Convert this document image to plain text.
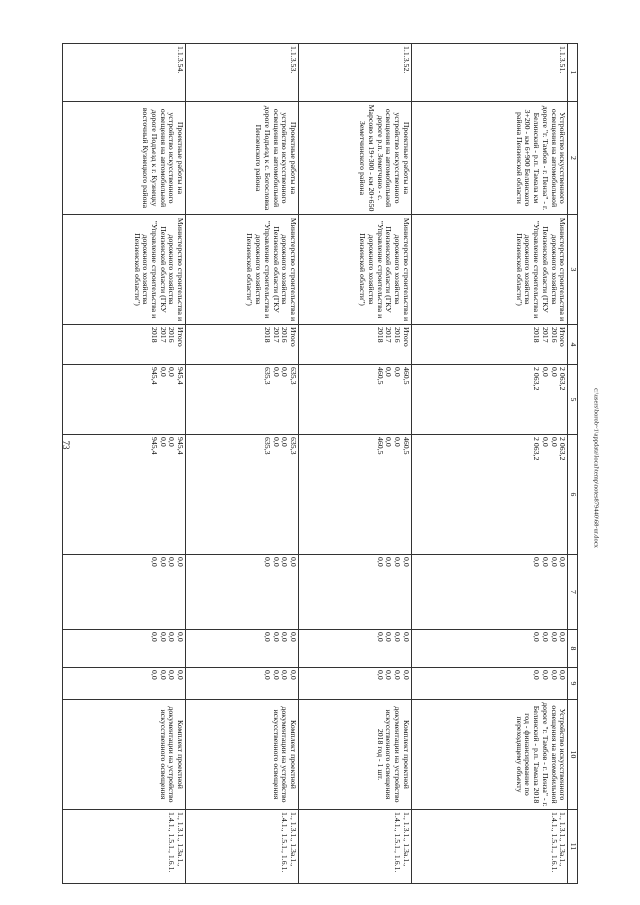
73
1	2	3	4	5	6	7	8	9	10	11
1.1.3.51.	Устройство искусственного освещения на автомобильной дороге "г. Тамбов - г. Пенза" - г. Белинский - р.п. Тамала км 3+200 - км 6+900 Белинского района Пензенской области	Министерство строительства и дорожного хозяйства Пензенской области (ГКУ "Управление строительства и дорожного хозяйства Пензенской области")	Итого
2016
2017
2018	2 063,2
0,0
0,0
2 063,2	2 063,2
0,0
0,0
2 063,2	0,0
0,0
0,0
0,0	0,0
0,0
0,0
0,0	0,0
0,0
0,0
0,0	Устройство искусственного освещения на автомобильной дороге "г. Тамбов - г. Пенза" - г. Белинский - р.п. Тамала 2018 год - финансирование по переходящему объекту	1., 1.3.1., 1.3а.1., 1.4.1., 1.5.1., 1.6.1.
1.1.3.52.	Проектные работы на устройство искусственного освещения на автомобильной дороге р.п. Земетчино - с. Марсово км 19+300 - км 20+650 Земетчинского района	Министерство строительства и дорожного хозяйства Пензенской области (ГКУ "Управление строительства и дорожного хозяйства Пензенской области")	Итого
2016
2017
2018	460,5
0,0
0,0
460,5	460,5
0,0
0,0
460,5	0,0
0,0
0,0
0,0	0,0
0,0
0,0
0,0	0,0
0,0
0,0
0,0	Комплект проектной документации на устройство искусственного освещения 2018 год - 1 шт.	1., 1.3.1., 1.3а.1., 1.4.1., 1.5.1., 1.6.1.
1.1.3.53.	Проектные работы на устройство искусственного освещения на автомобильной дороге Подъезд к с. Богословка Пензенского района	Министерство строительства и дорожного хозяйства Пензенской области (ГКУ "Управление строительства и дорожного хозяйства Пензенской области")	Итого
2016
2017
2018	635,3
0,0
0,0
635,3	635,3
0,0
0,0
635,3	0,0
0,0
0,0
0,0	0,0
0,0
0,0
0,0	0,0
0,0
0,0
0,0	Комплект проектной документации на устройство искусственного освещения	1., 1.3.1., 1.3а.1., 1.4.1., 1.5.1., 1.6.1.
1.1.3.54.	Проектные работы на устройство искусственного освещения на автомобильной дороге Подъезд к г. Кузнецку восточный Кузнецкого района	Министерство строительства и дорожного хозяйства Пензенской области (ГКУ "Управление строительства и дорожного хозяйства Пензенской области")	Итого
2016
2017
2018	945,4
0,0
0,0
945,4	945,4
0,0
0,0
945,4	0,0
0,0
0,0
0,0	0,0
0,0
0,0
0,0	0,0
0,0
0,0
0,0	Комплект проектной документации на устройство искусственного освещения	1., 1.3.1., 1.3а.1., 1.4.1., 1.5.1., 1.6.1.
c:\users\borob~1\appdata\local\temp\notes879440\68-ur.docx
